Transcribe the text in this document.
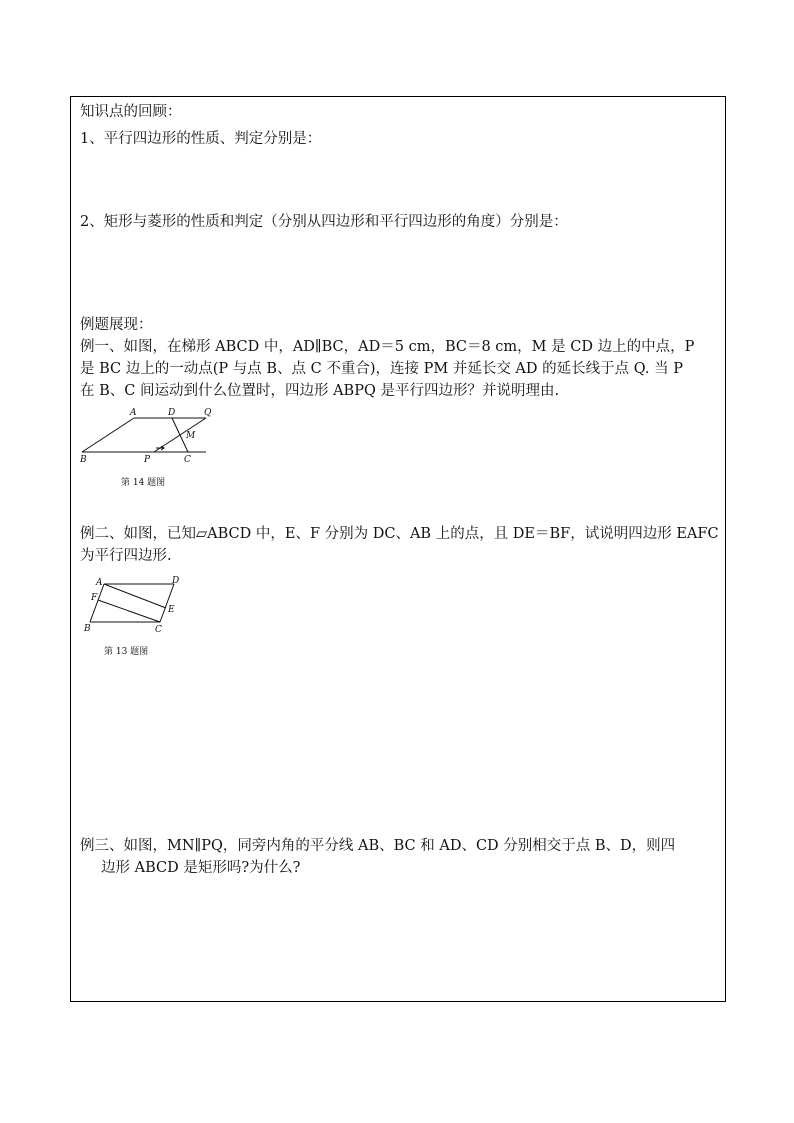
知识点的回顾：

1、平行四边形的性质、判定分别是：

2、矩形与菱形的性质和判定（分别从四边形和平行四边形的角度）分别是：

例题展现：

例一、如图，在梯形 ABCD 中，AD∥BC，AD＝5 cm，BC＝8 cm，M 是 CD 边上的中点，P

是 BC 边上的一动点(P 与点 B、点 C 不重合)，连接 PM 并延长交 AD 的延长线于点 Q. 当 P

在 B、C 间运动到什么位置时，四边形 ABPQ 是平行四边形？并说明理由.

A	D	Q
M
B	P	C
第 14 题图

例二、如图，已知▱ABCD 中，E、F 分别为 DC、AB 上的点，且 DE＝BF，试说明四边形 EAFC

为平行四边形.

A	D
F
E
B	C
第 13 题图

例三、如图，MN∥PQ，同旁内角的平分线 AB、BC 和 AD、CD 分别相交于点 B、D，则四

边形 ABCD 是矩形吗?为什么?
